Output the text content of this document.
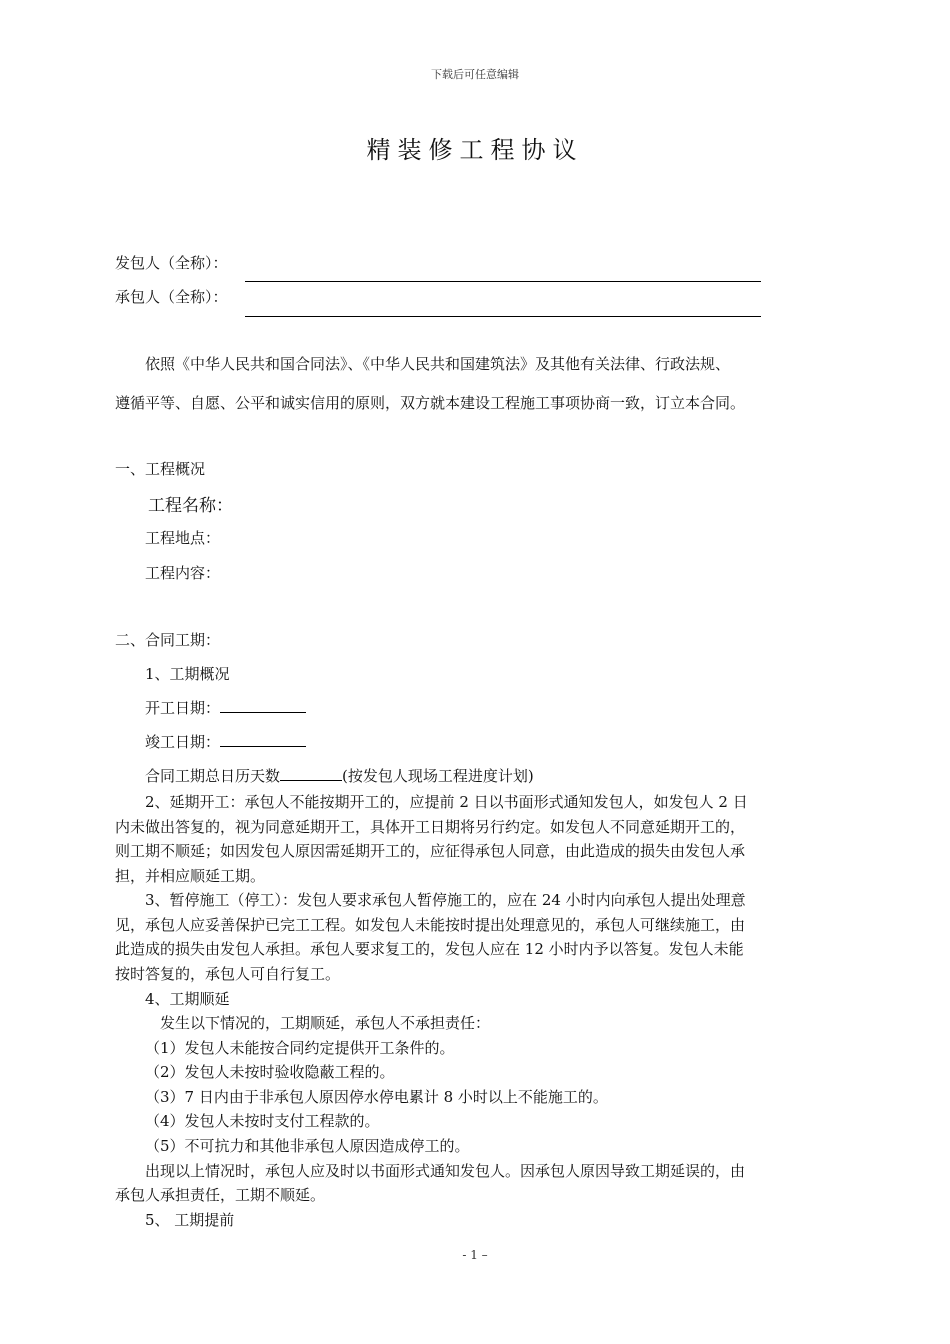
下载后可任意编辑
精装修工程协议
发包人（全称）：
承包人（全称）：
依照《中华人民共和国合同法》、《中华人民共和国建筑法》及其他有关法律、行政法规、
遵循平等、自愿、公平和诚实信用的原则，双方就本建设工程施工事项协商一致，订立本合同。
一、工程概况
工程名称：
工程地点：
工程内容：
二、合同工期：
1、工期概况
开工日期：
竣工日期：
合同工期总日历天数	(按发包人现场工程进度计划)
2、延期开工：承包人不能按期开工的，应提前 2 日以书面形式通知发包人，如发包人 2 日
内未做出答复的，视为同意延期开工，具体开工日期将另行约定。如发包人不同意延期开工的，
则工期不顺延；如因发包人原因需延期开工的，应征得承包人同意，由此造成的损失由发包人承
担，并相应顺延工期。
3、暂停施工（停工）：发包人要求承包人暂停施工的，应在 24 小时内向承包人提出处理意
见，承包人应妥善保护已完工工程。如发包人未能按时提出处理意见的，承包人可继续施工，由
此造成的损失由发包人承担。承包人要求复工的，发包人应在 12 小时内予以答复。发包人未能
按时答复的，承包人可自行复工。
4、工期顺延
发生以下情况的，工期顺延，承包人不承担责任：
（1）发包人未能按合同约定提供开工条件的。
（2）发包人未按时验收隐蔽工程的。
（3）7 日内由于非承包人原因停水停电累计 8 小时以上不能施工的。
（4）发包人未按时支付工程款的。
（5）不可抗力和其他非承包人原因造成停工的。
出现以上情况时，承包人应及时以书面形式通知发包人。因承包人原因导致工期延误的，由
承包人承担责任，工期不顺延。
5、 工期提前
- 1 –
